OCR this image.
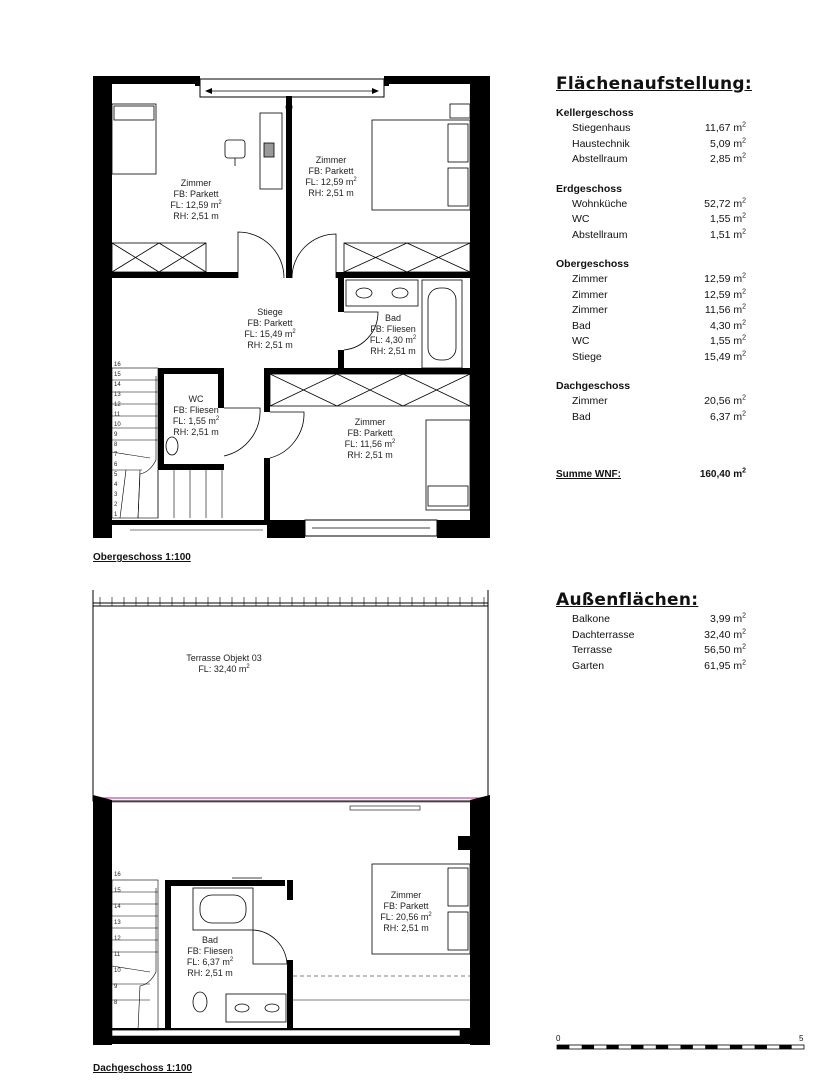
16
15
14
13
12
11
10
9
8
7
6
5
4
3
2
1
Zimmer
FB: Parkett
FL: 12,59 $m^2$
RH: 2,51 m
Zimmer
FB: Parkett
FL: 12,59 $m^2$
RH: 2,51 m
Stiege
FB: Parkett
FL: 15,49 $m^2$
RH: 2,51 m
Bad
FB: Fliesen
FL: 4,30 $m^2$
RH: 2,51 m
WC
FB: Fliesen
FL: 1,55 $m^2$
RH: 2,51 m
Zimmer
FB: Parkett
FL: 11,56 $m^2$
RH: 2,51 m
Obergeschoss 1:100
16
15
14
13
12
11
10
9
8
Terrasse Objekt 03
FL: 32,40 $m^2$
Zimmer
FB: Parkett
FL: 20,56 $m^2$
RH: 2,51 m
Bad
FB: Fliesen
FL: 6,37 $m^2$
RH: 2,51 m
Dachgeschoss 1:100
0	5
Flächenaufstellung:
Kellergeschoss
Stiegenhaus	11,67 $m^2$
Haustechnik	5,09 $m^2$
Abstellraum	2,85 $m^2$
Erdgeschoss
Wohnküche	52,72 $m^2$
WC	1,55 $m^2$
Abstellraum	1,51 $m^2$
Obergeschoss
Zimmer	12,59 $m^2$
Zimmer	12,59 $m^2$
Zimmer	11,56 $m^2$
Bad	4,30 $m^2$
WC	1,55 $m^2$
Stiege	15,49 $m^2$
Dachgeschoss
Zimmer	20,56 $m^2$
Bad	6,37 $m^2$
Summe WNF:	160,40 $m^2$
Außenflächen:
Balkone	3,99 $m^2$
Dachterrasse	32,40 $m^2$
Terrasse	56,50 $m^2$
Garten	61,95 $m^2$
